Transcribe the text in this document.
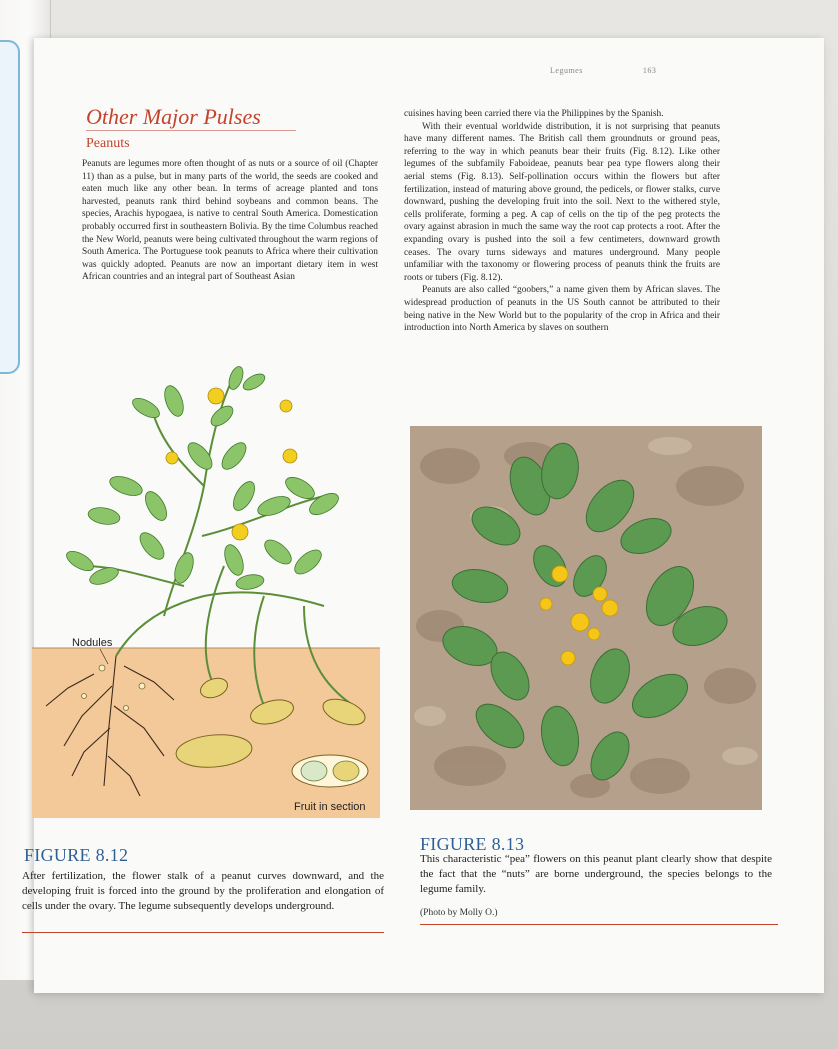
Legumes	163
Other Major Pulses
Peanuts

Peanuts are legumes more often thought of as nuts or a source of oil (Chapter 11) than as a pulse, but in many parts of the world, the seeds are cooked and eaten much like any other bean. In terms of acreage planted and tons harvested, peanuts rank third behind soybeans and common beans. The species, Arachis hypogaea, is native to central South America. Domestication probably occurred first in southeastern Bolivia. By the time Columbus reached the New World, peanuts were being cultivated throughout the warm regions of South America. The Portuguese took peanuts to Africa where their cultivation was quickly adopted. Peanuts are now an important dietary item in west African countries and an integral part of Southeast Asian

cuisines having been carried there via the Philippines by the Spanish.

With their eventual worldwide distribution, it is not surprising that peanuts have many different names. The British call them groundnuts or ground peas, referring to the way in which peanuts bear their fruits (Fig. 8.12). Like other legumes of the subfamily Faboideae, peanuts bear pea type flowers along their aerial stems (Fig. 8.13). Self-pollination occurs within the flowers but after fertilization, instead of maturing above ground, the pedicels, or flower stalks, curve downward, pushing the developing fruit into the soil. Next to the withered style, cells proliferate, forming a peg. A cap of cells on the tip of the peg protects the ovary against abrasion in much the same way the root cap protects a root. After the expanding ovary is pushed into the soil a few centimeters, downward growth ceases. The ovary turns sideways and matures underground. Many people unfamiliar with the taxonomy or flowering process of peanuts think the fruits are roots or tubers (Fig. 8.12).

Peanuts are also called “goobers,” a name given them by African slaves. The widespread production of peanuts in the US South cannot be attributed to their being native in the New World but to the popularity of the crop in Africa and their introduction into North America by slaves on southern

Nodules
Fruit in section
FIGURE 8.12
After fertilization, the flower stalk of a peanut curves downward, and the developing fruit is forced into the ground by the proliferation and elongation of cells under the ovary. The legume subsequently develops underground.
FIGURE 8.13
This characteristic “pea” flowers on this peanut plant clearly show that despite the fact that the “nuts” are borne underground, the species belongs to the legume family.
(Photo by Molly O.)
